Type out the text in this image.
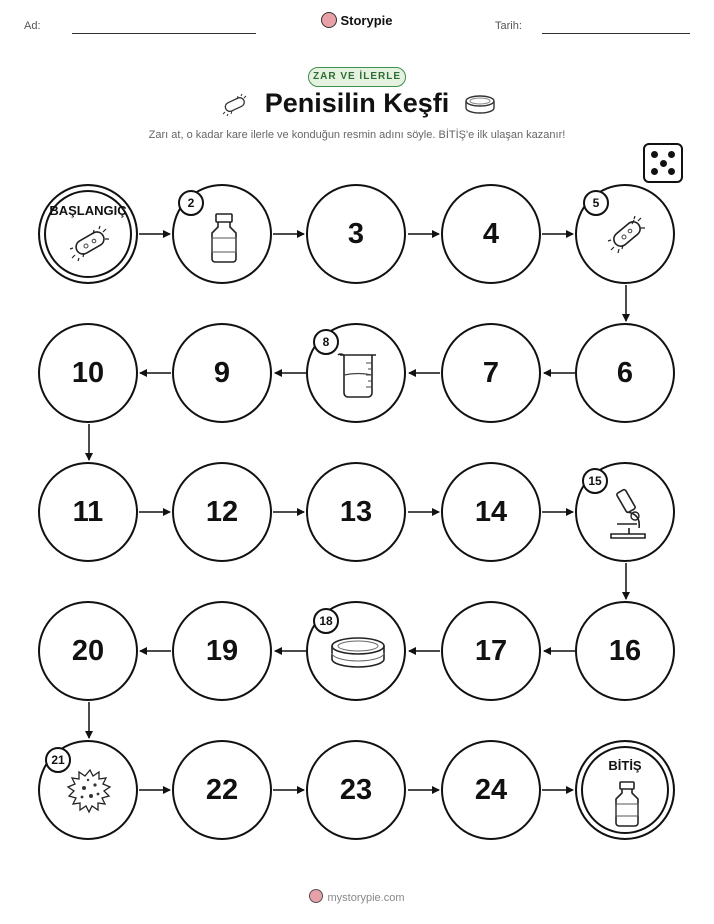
Ad:	Storypie	Tarih:
ZAR VE İLERLE
Penisilin Keşfi
Zarı at, o kadar kare ilerle ve konduğun resmin adını söyle. BİTİŞ'e ilk ulaşan kazanır!
BAŞLANGIÇ	2
3	4
5
10	9
8
7	6
11	12	13	14
15
20	19
18
17	16
21
22	23	24
BİTİŞ
mystorypie.com
